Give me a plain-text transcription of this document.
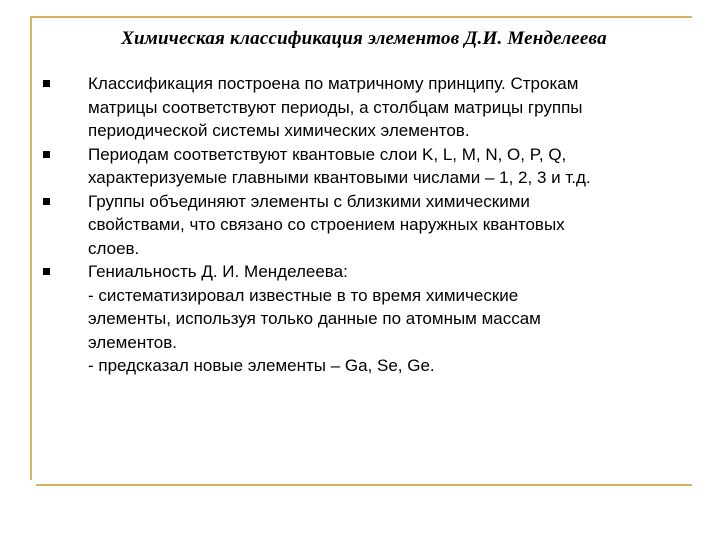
Химическая классификация элементов Д.И. Менделеева
Классификация построена по матричному принципу. Строкам
матрицы соответствуют периоды, а столбцам матрицы группы
периодической системы химических элементов.
Периодам соответствуют квантовые слои K, L, M, N, O, P, Q,
характеризуемые главными квантовыми числами – 1, 2, 3 и т.д.
Группы объединяют элементы с близкими химическими
свойствами, что связано со строением наружных квантовых
слоев.
Гениальность Д. И. Менделеева:
- систематизировал известные в то время химические
элементы, используя только данные по атомным массам
элементов.
- предсказал новые элементы – Ga, Se, Ge.
